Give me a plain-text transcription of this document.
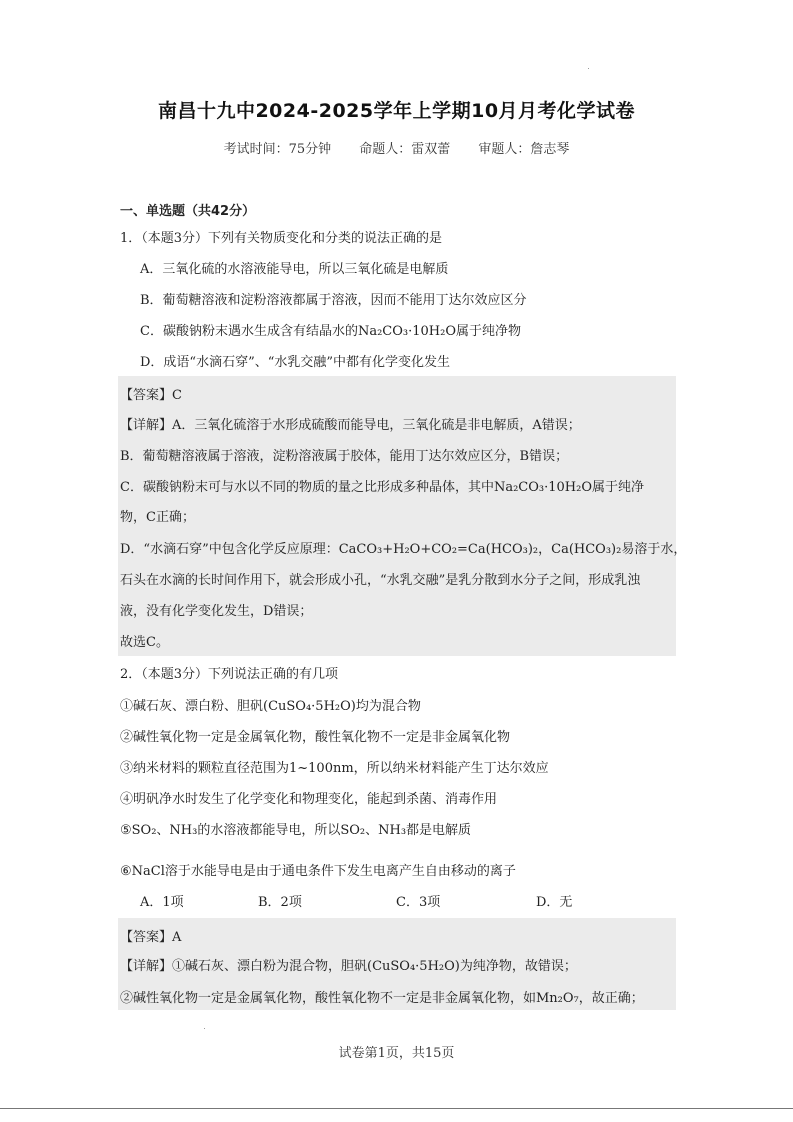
南昌十九中2024-2025学年上学期10月月考化学试卷
考试时间：75分钟 命题人：雷双蕾 审题人：詹志琴
一、单选题（共42分）
1．（本题3分）下列有关物质变化和分类的说法正确的是
A．三氧化硫的水溶液能导电，所以三氧化硫是电解质
B．葡萄糖溶液和淀粉溶液都属于溶液，因而不能用丁达尔效应区分
C．碳酸钠粉末遇水生成含有结晶水的Na₂CO₃·10H₂O属于纯净物
D．成语“水滴石穿”、“水乳交融”中都有化学变化发生
【答案】C
【详解】A．三氧化硫溶于水形成硫酸而能导电，三氧化硫是非电解质，A错误；
B．葡萄糖溶液属于溶液，淀粉溶液属于胶体，能用丁达尔效应区分，B错误；
C．碳酸钠粉末可与水以不同的物质的量之比形成多种晶体，其中Na₂CO₃·10H₂O属于纯净
物，C正确；
D．“水滴石穿”中包含化学反应原理：CaCO₃+H₂O+CO₂=Ca(HCO₃)₂，Ca(HCO₃)₂易溶于水，
石头在水滴的长时间作用下，就会形成小孔，“水乳交融”是乳分散到水分子之间，形成乳浊
液，没有化学变化发生，D错误；
故选C。
2．（本题3分）下列说法正确的有几项
①碱石灰、漂白粉、胆矾(CuSO₄·5H₂O)均为混合物
②碱性氧化物一定是金属氧化物，酸性氧化物不一定是非金属氧化物
③纳米材料的颗粒直径范围为1~100nm，所以纳米材料能产生丁达尔效应
④明矾净水时发生了化学变化和物理变化，能起到杀菌、消毒作用
⑤SO₂、NH₃的水溶液都能导电，所以SO₂、NH₃都是电解质
⑥NaCl溶于水能导电是由于通电条件下发生电离产生自由移动的离子
A．1项	B．2项	C．3项	D．无
【答案】A
【详解】①碱石灰、漂白粉为混合物，胆矾(CuSO₄·5H₂O)为纯净物，故错误；
②碱性氧化物一定是金属氧化物，酸性氧化物不一定是非金属氧化物，如Mn₂O₇，故正确；
试卷第1页，共15页
